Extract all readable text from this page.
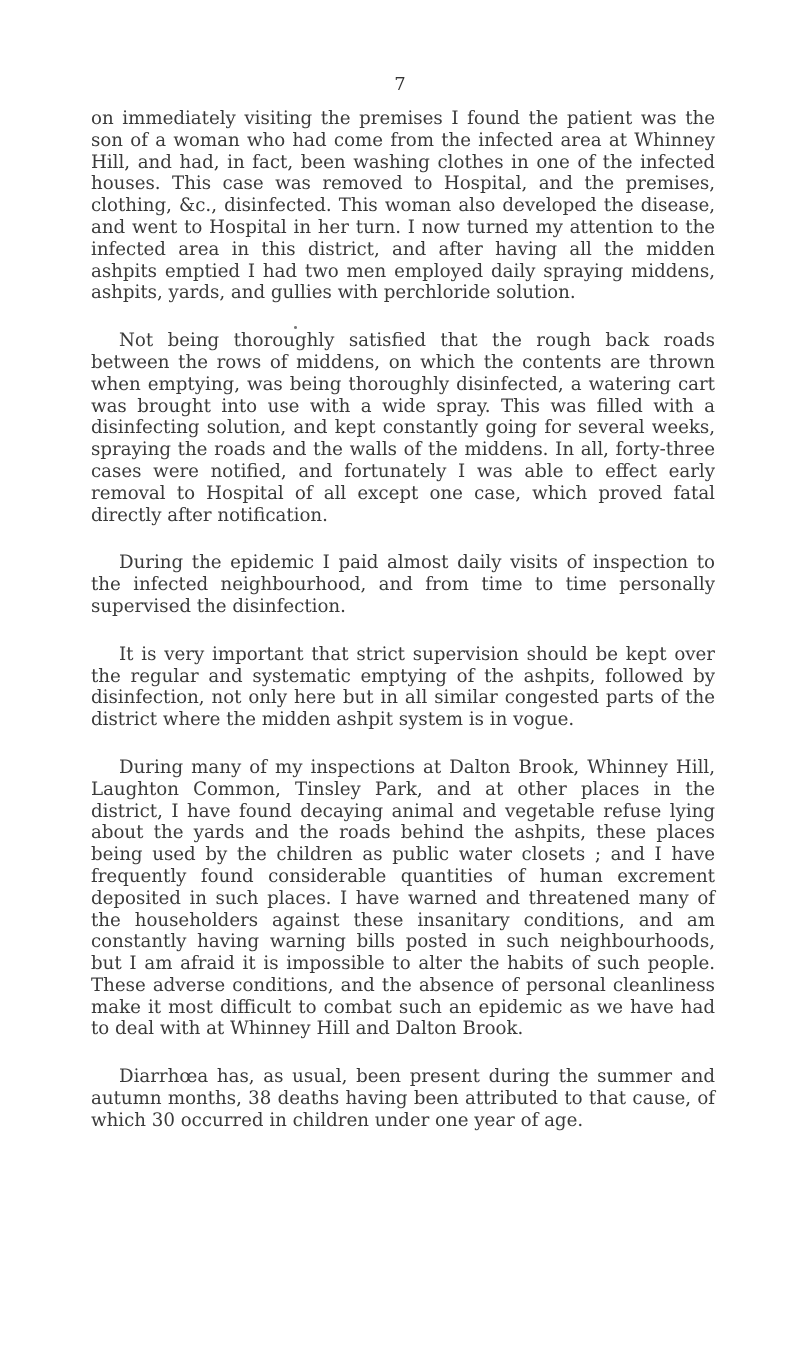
7

on immediately visiting the premises I found the patient was the son of a woman who had come from the infected area at Whinney Hill, and had, in fact, been washing clothes in one of the infected houses. This case was removed to Hospital, and the premises, clothing, &c., disinfected. This woman also developed the disease, and went to Hospital in her turn. I now turned my attention to the infected area in this district, and after having all the midden ashpits emptied I had two men employed daily spraying middens, ashpits, yards, and gullies with perchloride solution.

Not being thoroughly satisfied that the rough back roads between the rows of middens, on which the contents are thrown when emptying, was being thoroughly disinfected, a watering cart was brought into use with a wide spray. This was filled with a disinfecting solution, and kept constantly going for several weeks, spraying the roads and the walls of the middens. In all, forty-three cases were notified, and fortunately I was able to effect early removal to Hospital of all except one case, which proved fatal directly after notification.

During the epidemic I paid almost daily visits of inspection to the infected neighbourhood, and from time to time personally supervised the disinfection.

It is very important that strict supervision should be kept over the regular and systematic emptying of the ashpits, followed by disinfection, not only here but in all similar congested parts of the district where the midden ashpit system is in vogue.

During many of my inspections at Dalton Brook, Whinney Hill, Laughton Common, Tinsley Park, and at other places in the district, I have found decaying animal and vegetable refuse lying about the yards and the roads behind the ashpits, these places being used by the children as public water closets ; and I have frequently found considerable quantities of human excrement deposited in such places. I have warned and threatened many of the householders against these insanitary conditions, and am constantly having warning bills posted in such neighbourhoods, but I am afraid it is impossible to alter the habits of such people. These adverse conditions, and the absence of personal cleanliness make it most difficult to combat such an epidemic as we have had to deal with at Whinney Hill and Dalton Brook.

Diarrhœa has, as usual, been present during the summer and autumn months, 38 deaths having been attributed to that cause, of which 30 occurred in children under one year of age.
